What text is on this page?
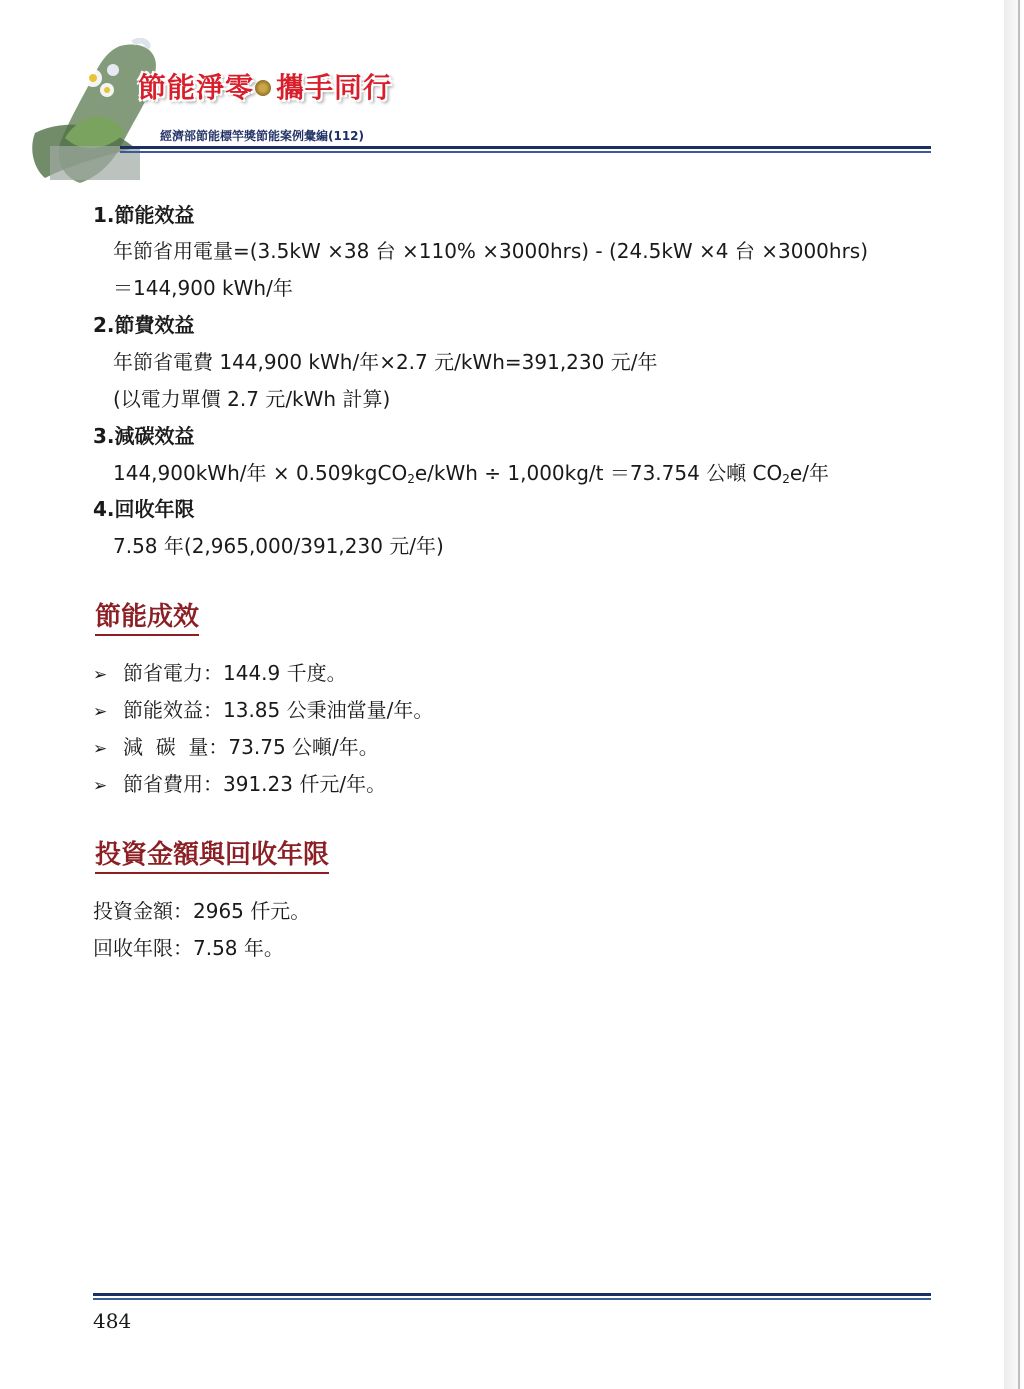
節能淨零 攜手同行
經濟部節能標竿獎節能案例彙編(112)
1.節能效益
年節省用電量=(3.5kW ×38 台 ×110% ×3000hrs) - (24.5kW ×4 台 ×3000hrs)
＝144,900 kWh/年
2.節費效益
年節省電費 144,900 kWh/年×2.7 元/kWh=391,230 元/年
(以電力單價 2.7 元/kWh 計算)
3.減碳效益
144,900kWh/年 × 0.509kgCO$_2$e/kWh ÷ 1,000kg/t ＝73.754 公噸 $CO_2e/$年
4.回收年限
7.58 年(2,965,000/391,230 元/年)
節能成效
➢ 節省電力：144.9 千度。
➢ 節能效益：13.85 公秉油當量/年。
➢ 減  碳  量：73.75 公噸/年。
➢ 節省費用：391.23 仟元/年。
投資金額與回收年限
投資金額：2965 仟元。
回收年限：7.58 年。
484
